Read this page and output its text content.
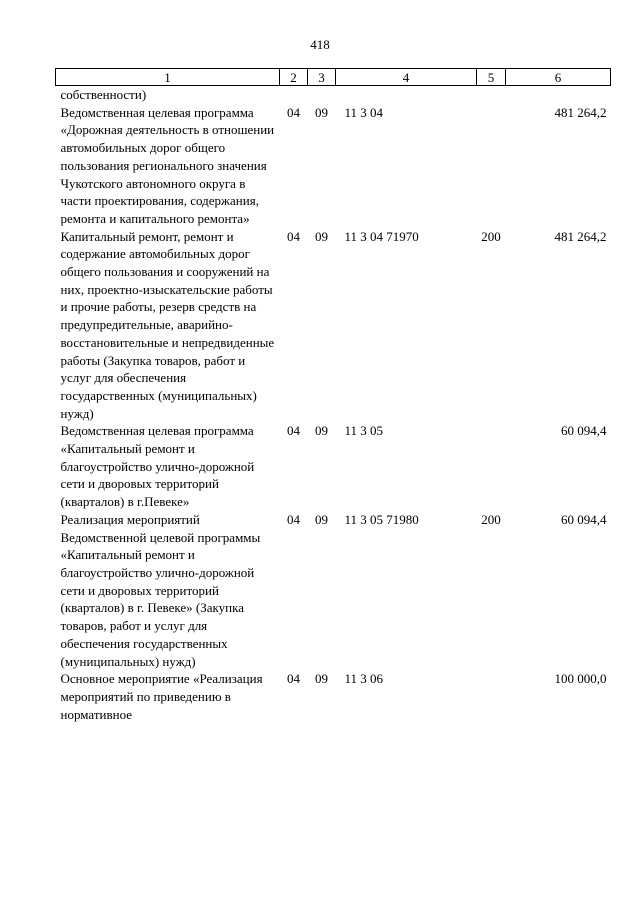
418
1	2	3	4	5	6
собственности)					
Ведомственная целевая программа «Дорожная деятельность в отношении автомобильных дорог общего пользования регионального значения Чукотского автономного округа в части проектирования, содержания, ремонта и капитального ремонта»	04	09	11 3 04		481 264,2
Капитальный ремонт, ремонт и содержание автомобильных дорог общего пользования и сооружений на них, проектно-изыскательские работы и прочие работы, резерв средств на предупредительные, аварийно-восстановительные и непредвиденные работы (Закупка товаров, работ и услуг для обеспечения государственных (муниципальных) нужд)	04	09	11 3 04 71970	200	481 264,2
Ведомственная целевая программа «Капитальный ремонт и благоустройство улично-дорожной сети и дворовых территорий (кварталов) в г.Певеке»	04	09	11 3 05		60 094,4
Реализация мероприятий Ведомственной целевой программы «Капитальный ремонт и благоустройство улично-дорожной сети и дворовых территорий (кварталов) в г. Певеке» (Закупка товаров, работ и услуг для обеспечения государственных (муниципальных) нужд)	04	09	11 3 05 71980	200	60 094,4
Основное мероприятие «Реализация мероприятий по приведению в нормативное	04	09	11 3 06		100 000,0
